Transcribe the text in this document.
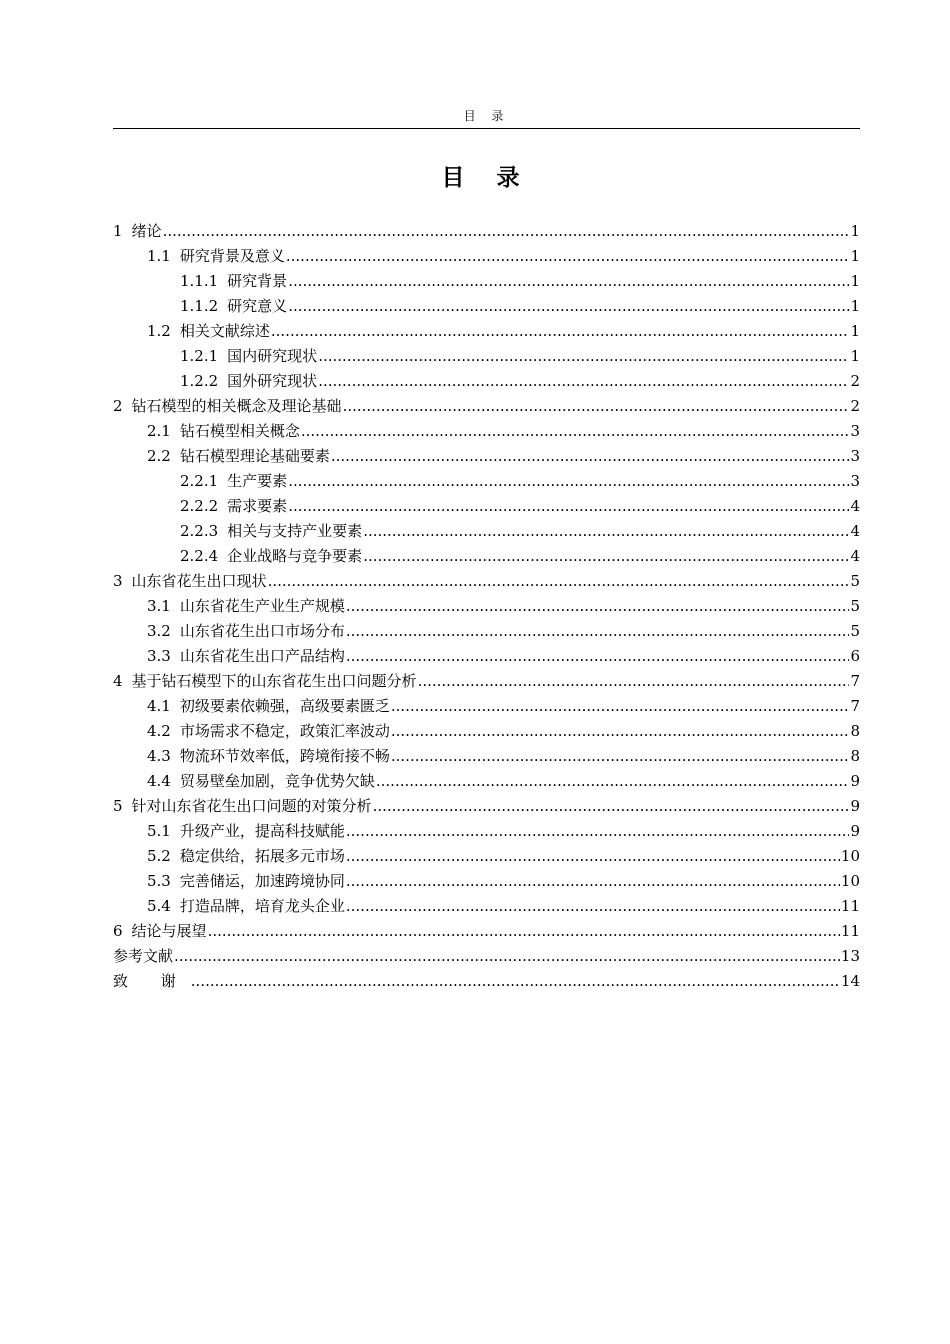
目 录
目 录
1 绪论 .....	1
1.1 研究背景及意义 .....	1
1.1.1 研究背景 .....	1
1.1.2 研究意义 .....	1
1.2 相关文献综述 .....	1
1.2.1 国内研究现状 .....	1
1.2.2 国外研究现状 .....	2
2 钻石模型的相关概念及理论基础 .....	2
2.1 钻石模型相关概念 .....	3
2.2 钻石模型理论基础要素 .....	3
2.2.1 生产要素 .....	3
2.2.2 需求要素 .....	4
2.2.3 相关与支持产业要素 .....	4
2.2.4 企业战略与竞争要素 .....	4
3 山东省花生出口现状 .....	5
3.1 山东省花生产业生产规模 .....	5
3.2 山东省花生出口市场分布 .....	5
3.3 山东省花生出口产品结构 .....	6
4 基于钻石模型下的山东省花生出口问题分析 .....	7
4.1 初级要素依赖强，高级要素匮乏 .....	7
4.2 市场需求不稳定，政策汇率波动 .....	8
4.3 物流环节效率低，跨境衔接不畅 .....	8
4.4 贸易壁垒加剧，竞争优势欠缺 .....	9
5 针对山东省花生出口问题的对策分析 .....	9
5.1 升级产业，提高科技赋能 .....	9
5.2 稳定供给，拓展多元市场 .....	10
5.3 完善储运，加速跨境协同 .....	10
5.4 打造品牌，培育龙头企业 .....	11
6 结论与展望 .....	11
参考文献 .....	13
致 谢 .....	14
